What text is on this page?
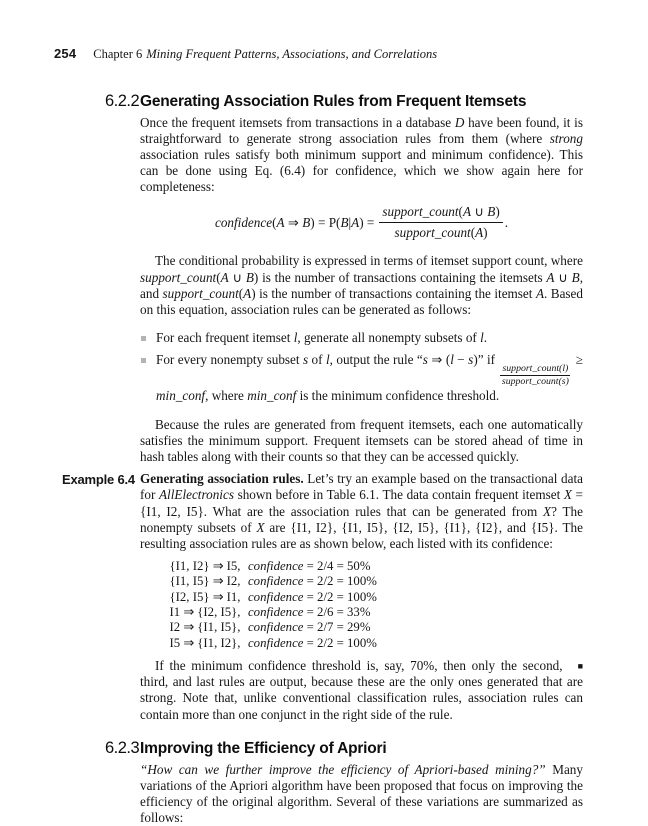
254 Chapter 6 Mining Frequent Patterns, Associations, and Correlations
6.2.2 Generating Association Rules from Frequent Itemsets

Once the frequent itemsets from transactions in a database D have been found, it is straightforward to generate strong association rules from them (where strong association rules satisfy both minimum support and minimum confidence). This can be done using Eq. (6.4) for confidence, which we show again here for completeness:

confidence(A ⇒ $B) = P(B|A) = \frac{\text{support\_count(A ∪ B)}}{\text{support\_count(A)}}$ .

The conditional probability is expressed in terms of itemset support count, where support_count(A ∪ B) is the number of transactions containing the itemsets A ∪ B, and support_count(A) is the number of transactions containing the itemset A. Based on this equation, association rules can be generated as follows:

For each frequent itemset l, generate all nonempty subsets of l.
For every nonempty subset s of l, output the rule “s ⇒ (l − s)” if
$\frac{\text{support\_count(l)}}{\text{support\_count(s)}}$
≥ min_conf, where min_conf is the minimum confidence threshold.

Because the rules are generated from frequent itemsets, each one automatically satisfies the minimum support. Frequent itemsets can be stored ahead of time in hash tables along with their counts so that they can be accessed quickly.

Example 6.4 Generating association rules. Let’s try an example based on the transactional data for AllElectronics shown before in Table 6.1. The data contain frequent itemset X = {I1, I2, I5}. What are the association rules that can be generated from X? The nonempty subsets of X are {I1, I2}, {I1, I5}, {I2, I5}, {I1}, {I2}, and {I5}. The resulting association rules are as shown below, each listed with its confidence:

{I1, I2} ⇒ I5, confidence = 2/4 = 50%
{I1, I5} ⇒ I2, confidence = 2/2 = 100%
{I2, I5} ⇒ I1, confidence = 2/2 = 100%
I1 ⇒ {I2, I5}, confidence = 2/6 = 33%
I2 ⇒ {I1, I5}, confidence = 2/7 = 29%
I5 ⇒ {I1, I2}, confidence = 2/2 = 100%

■
If the minimum confidence threshold is, say, 70%, then only the second, third, and last rules are output, because these are the only ones generated that are strong. Note that, unlike conventional classification rules, association rules can contain more than one conjunct in the right side of the rule.

6.2.3 Improving the Efficiency of Apriori

“How can we further improve the efficiency of Apriori-based mining?” Many variations of the Apriori algorithm have been proposed that focus on improving the efficiency of the original algorithm. Several of these variations are summarized as follows:
